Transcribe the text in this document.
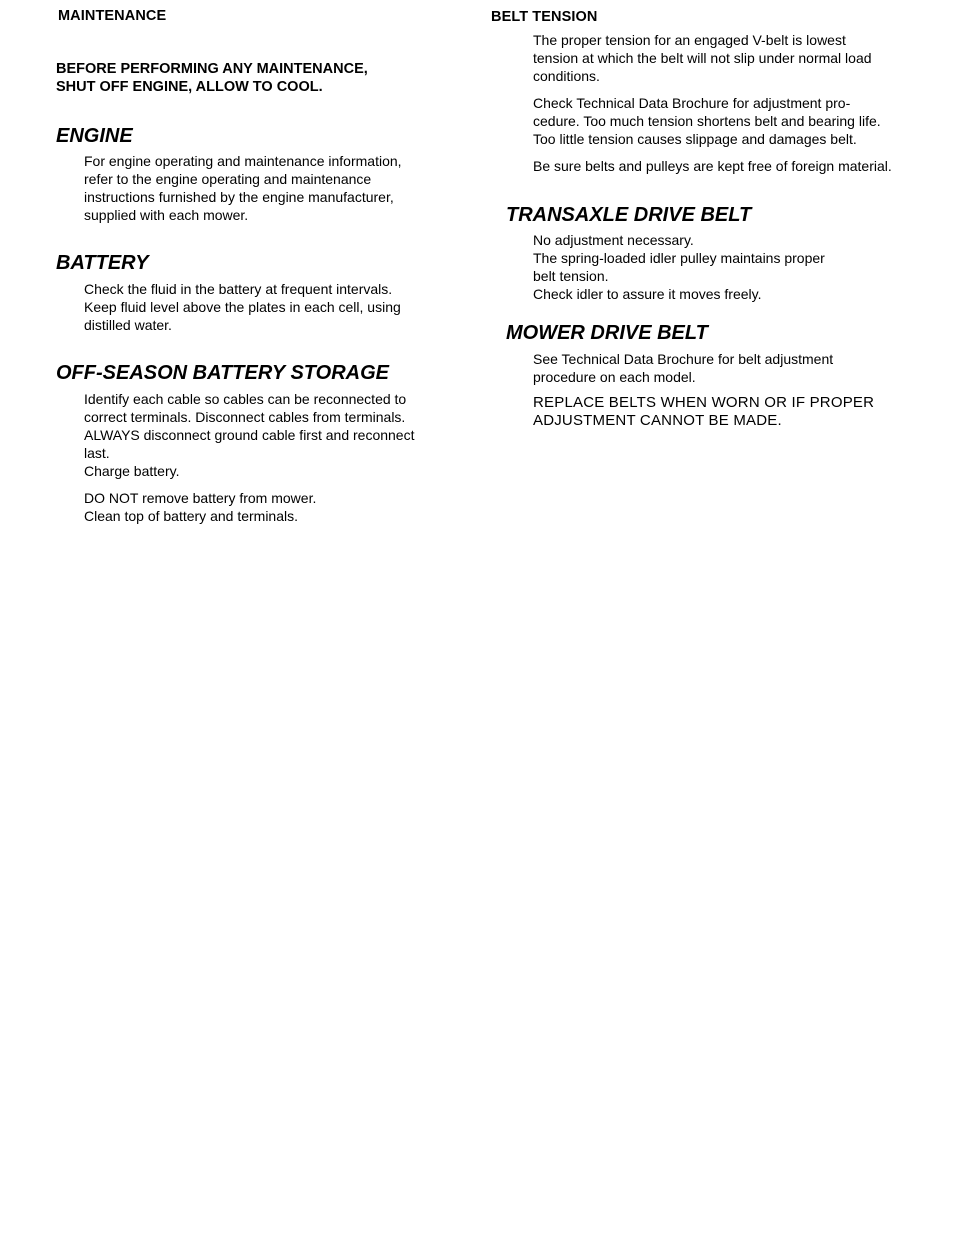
MAINTENANCE
BEFORE PERFORMING ANY MAINTENANCE,
SHUT OFF ENGINE, ALLOW TO COOL.
ENGINE
For engine operating and maintenance information,
refer to the engine operating and maintenance
instructions furnished by the engine manufacturer,
supplied with each mower.
BATTERY
Check the fluid in the battery at frequent intervals.
Keep fluid level above the plates in each cell, using
distilled water.
OFF-SEASON BATTERY STORAGE
Identify each cable so cables can be reconnected to
correct terminals. Disconnect cables from terminals.
ALWAYS disconnect ground cable first and reconnect
last.
Charge battery.
DO NOT remove battery from mower.
Clean top of battery and terminals.
BELT TENSION
The proper tension for an engaged V-belt is lowest
tension at which the belt will not slip under normal load
conditions.
Check Technical Data Brochure for adjustment pro-
cedure. Too much tension shortens belt and bearing life.
Too little tension causes slippage and damages belt.
Be sure belts and pulleys are kept free of foreign material.
TRANSAXLE DRIVE BELT
No adjustment necessary.
The spring-loaded idler pulley maintains proper
belt tension.
Check idler to assure it moves freely.
MOWER DRIVE BELT
See Technical Data Brochure for belt adjustment
procedure on each model.
REPLACE BELTS WHEN WORN OR IF PROPER
ADJUSTMENT CANNOT BE MADE.
